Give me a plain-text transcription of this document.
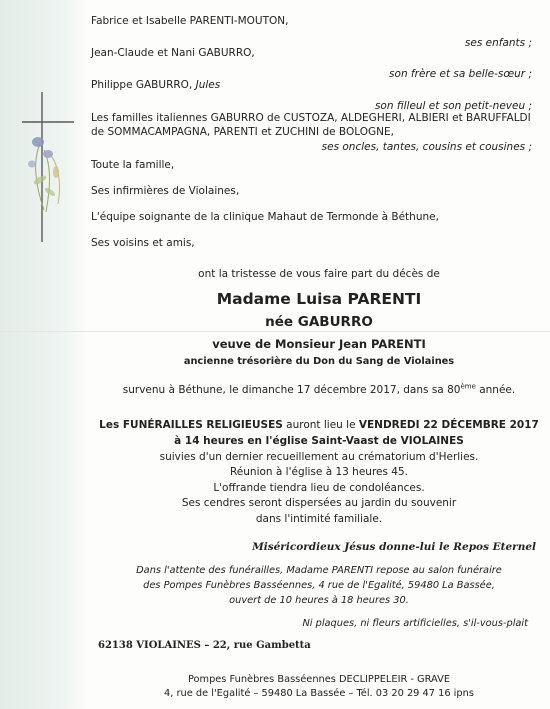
Fabrice et Isabelle PARENTI-MOUTON,
ses enfants ;
Jean-Claude et Nani GABURRO,
son frère et sa belle-sœur ;
Philippe GABURRO, Jules
son filleul et son petit-neveu ;
Les familles italiennes GABURRO de CUSTOZA, ALDEGHERI, ALBIERI et BARUFFALDI
de SOMMACAMPAGNA, PARENTI et ZUCHINI de BOLOGNE,
ses oncles, tantes, cousins et cousines ;
Toute la famille,
Ses infirmières de Violaines,
L'équipe soignante de la clinique Mahaut de Termonde à Béthune,
Ses voisins et amis,
ont la tristesse de vous faire part du décès de
Madame Luisa PARENTI
née GABURRO
veuve de Monsieur Jean PARENTI
ancienne trésorière du Don du Sang de Violaines
survenu à Béthune, le dimanche 17 décembre 2017, dans sa 80ème année.
Les FUNÉRAILLES RELIGIEUSES auront lieu le VENDREDI 22 DÉCEMBRE 2017
à 14 heures en l'église Saint-Vaast de VIOLAINES
suivies d'un dernier recueillement au crématorium d'Herlies.
Réunion à l'église à 13 heures 45.
L'offrande tiendra lieu de condoléances.
Ses cendres seront dispersées au jardin du souvenir
dans l'intimité familiale.
Miséricordieux Jésus donne-lui le Repos Eternel
Dans l'attente des funérailles, Madame PARENTI repose au salon funéraire
des Pompes Funèbres Basséennes, 4 rue de l'Egalité, 59480 La Bassée,
ouvert de 10 heures à 18 heures 30.
Ni plaques, ni fleurs artificielles, s'il-vous-plait
62138 VIOLAINES – 22, rue Gambetta
Pompes Funèbres Basséennes DECLIPPELEIR - GRAVE
4, rue de l'Egalité – 59480 La Bassée – Tél. 03 20 29 47 16 ipns
